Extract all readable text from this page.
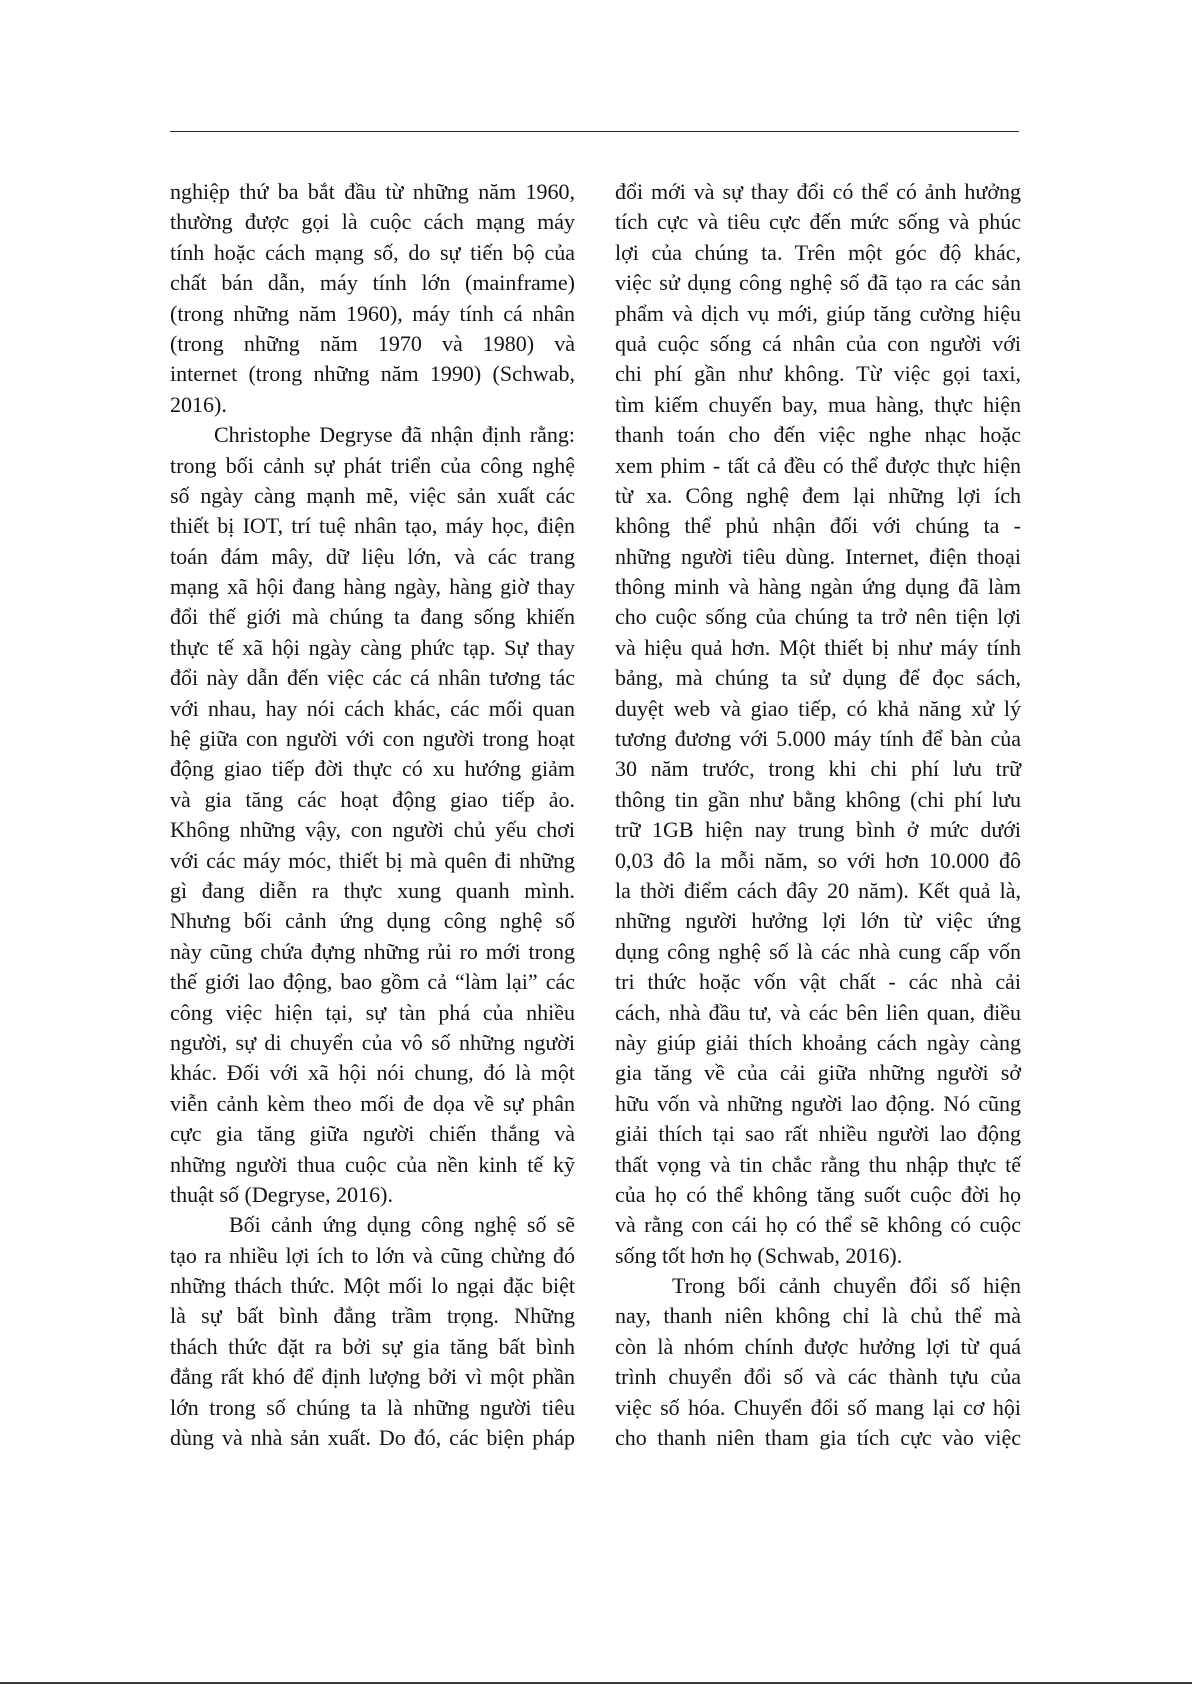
nghiệp thứ ba bắt đầu từ những năm 1960,
thường được gọi là cuộc cách mạng máy
tính hoặc cách mạng số, do sự tiến bộ của
chất bán dẫn, máy tính lớn (mainframe)
(trong những năm 1960), máy tính cá nhân
(trong những năm 1970 và 1980) và
internet (trong những năm 1990) (Schwab,
2016).
Christophe Degryse đã nhận định rằng:
trong bối cảnh sự phát triển của công nghệ
số ngày càng mạnh mẽ, việc sản xuất các
thiết bị IOT, trí tuệ nhân tạo, máy học, điện
toán đám mây, dữ liệu lớn, và các trang
mạng xã hội đang hàng ngày, hàng giờ thay
đổi thế giới mà chúng ta đang sống khiến
thực tế xã hội ngày càng phức tạp. Sự thay
đổi này dẫn đến việc các cá nhân tương tác
với nhau, hay nói cách khác, các mối quan
hệ giữa con người với con người trong hoạt
động giao tiếp đời thực có xu hướng giảm
và gia tăng các hoạt động giao tiếp ảo.
Không những vậy, con người chủ yếu chơi
với các máy móc, thiết bị mà quên đi những
gì đang diễn ra thực xung quanh mình.
Nhưng bối cảnh ứng dụng công nghệ số
này cũng chứa đựng những rủi ro mới trong
thế giới lao động, bao gồm cả “làm lại” các
công việc hiện tại, sự tàn phá của nhiều
người, sự di chuyển của vô số những người
khác. Đối với xã hội nói chung, đó là một
viễn cảnh kèm theo mối đe dọa về sự phân
cực gia tăng giữa người chiến thắng và
những người thua cuộc của nền kinh tế kỹ
thuật số (Degryse, 2016).
Bối cảnh ứng dụng công nghệ số sẽ
tạo ra nhiều lợi ích to lớn và cũng chừng đó
những thách thức. Một mối lo ngại đặc biệt
là sự bất bình đẳng trầm trọng. Những
thách thức đặt ra bởi sự gia tăng bất bình
đẳng rất khó để định lượng bởi vì một phần
lớn trong số chúng ta là những người tiêu
dùng và nhà sản xuất. Do đó, các biện pháp
đổi mới và sự thay đổi có thể có ảnh hưởng
tích cực và tiêu cực đến mức sống và phúc
lợi của chúng ta. Trên một góc độ khác,
việc sử dụng công nghệ số đã tạo ra các sản
phẩm và dịch vụ mới, giúp tăng cường hiệu
quả cuộc sống cá nhân của con người với
chi phí gần như không. Từ việc gọi taxi,
tìm kiếm chuyến bay, mua hàng, thực hiện
thanh toán cho đến việc nghe nhạc hoặc
xem phim - tất cả đều có thể được thực hiện
từ xa. Công nghệ đem lại những lợi ích
không thể phủ nhận đối với chúng ta -
những người tiêu dùng. Internet, điện thoại
thông minh và hàng ngàn ứng dụng đã làm
cho cuộc sống của chúng ta trở nên tiện lợi
và hiệu quả hơn. Một thiết bị như máy tính
bảng, mà chúng ta sử dụng để đọc sách,
duyệt web và giao tiếp, có khả năng xử lý
tương đương với 5.000 máy tính để bàn của
30 năm trước, trong khi chi phí lưu trữ
thông tin gần như bằng không (chi phí lưu
trữ 1GB hiện nay trung bình ở mức dưới
0,03 đô la mỗi năm, so với hơn 10.000 đô
la thời điểm cách đây 20 năm). Kết quả là,
những người hưởng lợi lớn từ việc ứng
dụng công nghệ số là các nhà cung cấp vốn
tri thức hoặc vốn vật chất - các nhà cải
cách, nhà đầu tư, và các bên liên quan, điều
này giúp giải thích khoảng cách ngày càng
gia tăng về của cải giữa những người sở
hữu vốn và những người lao động. Nó cũng
giải thích tại sao rất nhiều người lao động
thất vọng và tin chắc rằng thu nhập thực tế
của họ có thể không tăng suốt cuộc đời họ
và rằng con cái họ có thể sẽ không có cuộc
sống tốt hơn họ (Schwab, 2016).
Trong bối cảnh chuyển đổi số hiện
nay, thanh niên không chỉ là chủ thể mà
còn là nhóm chính được hưởng lợi từ quá
trình chuyển đổi số và các thành tựu của
việc số hóa. Chuyển đổi số mang lại cơ hội
cho thanh niên tham gia tích cực vào việc
